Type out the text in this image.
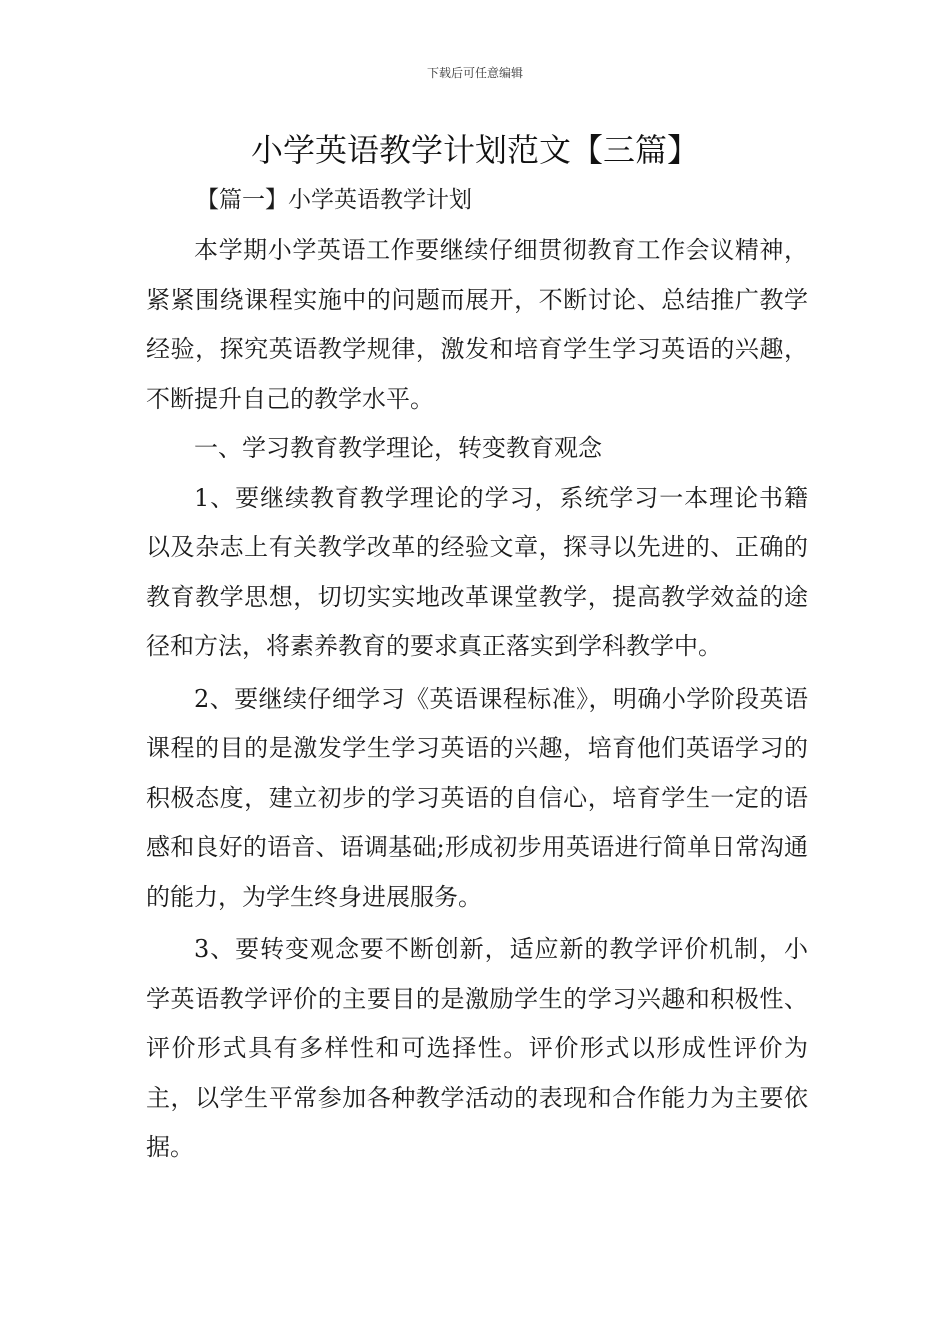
下载后可任意编辑
小学英语教学计划范文【三篇】
【篇一】小学英语教学计划

本学期小学英语工作要继续仔细贯彻教育工作会议精神，紧紧围绕课程实施中的问题而展开，不断讨论、总结推广教学经验，探究英语教学规律，激发和培育学生学习英语的兴趣，不断提升自己的教学水平。

一、学习教育教学理论，转变教育观念

1、要继续教育教学理论的学习，系统学习一本理论书籍以及杂志上有关教学改革的经验文章，探寻以先进的、正确的教育教学思想，切切实实地改革课堂教学，提高教学效益的途径和方法，将素养教育的要求真正落实到学科教学中。

2、要继续仔细学习《英语课程标准》，明确小学阶段英语课程的目的是激发学生学习英语的兴趣，培育他们英语学习的积极态度，建立初步的学习英语的自信心，培育学生一定的语感和良好的语音、语调基础;形成初步用英语进行简单日常沟通的能力，为学生终身进展服务。

3、要转变观念要不断创新，适应新的教学评价机制，小学英语教学评价的主要目的是激励学生的学习兴趣和积极性、评价形式具有多样性和可选择性。评价形式以形成性评价为主，以学生平常参加各种教学活动的表现和合作能力为主要依据。
